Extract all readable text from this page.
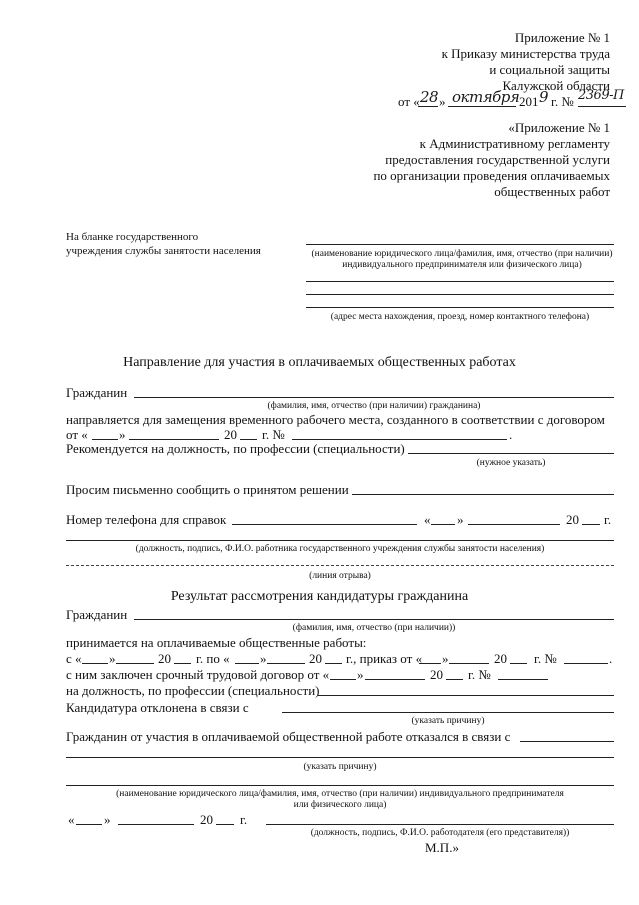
Приложение № 1
к Приказу министерства труда
и социальной защиты
Калужской области
от « 28 » октября 201 9 г. № 2369-П
«Приложение № 1
к Административному регламенту
предоставления государственной услуги
по организации проведения оплачиваемых
общественных работ
На бланке государственного
учреждения службы занятости населения	(наименование юридического лица/фамилия, имя, отчество (при наличии)
индивидуального предпринимателя или физического лица)
(адрес места нахождения, проезд, номер контактного телефона)
Направление для участия в оплачиваемых общественных работах
Гражданин
(фамилия, имя, отчество (при наличии) гражданина)
направляется для замещения временного рабочего места, созданного в соответствии с договором
от « »	20 г. №	.
Рекомендуется на должность, по профессии (специальности)
(нужное указать)
Просим письменно сообщить о принятом решении
Номер телефона для справок	« »	20 г.
(должность, подпись, Ф.И.О. работника государственного учреждения службы занятости населения)
(линия отрыва)
Результат рассмотрения кандидатуры гражданина
Гражданин
(фамилия, имя, отчество (при наличии))
принимается на оплачиваемые общественные работы:
с « »	20 г. по « »	20 г., приказ от « »	20 г. №	.
с ним заключен срочный трудовой договор от « »	20 г. №
на должность, по профессии (специальности)
Кандидатура отклонена в связи с
(указать причину)
Гражданин от участия в оплачиваемой общественной работе отказался в связи с
(указать причину)
(наименование юридического лица/фамилия, имя, отчество (при наличии) индивидуального предпринимателя
или физического лица)
« »	20 г.
(должность, подпись, Ф.И.О. работодателя (его представителя))
М.П.»
